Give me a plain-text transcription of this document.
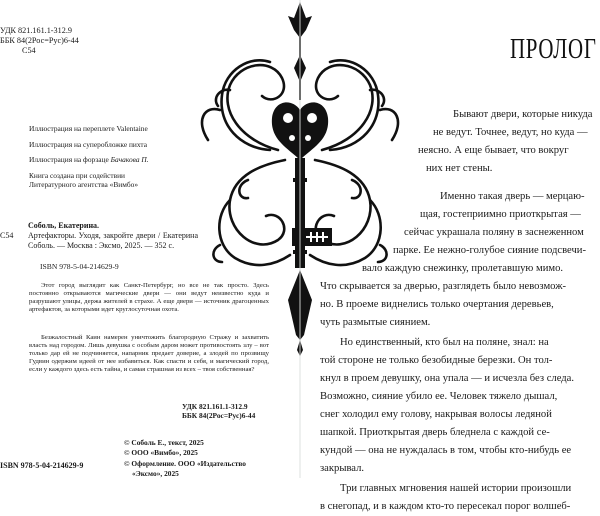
УДК 821.161.1-312.9
ББК 84(2Рос=Рус)6-44
С54
Иллюстрация на переплете Valentaine
Иллюстрация на суперобложке пихта
Иллюстрация на форзаце Бачакова П.
Книга создана при содействии
Литературного агентства «Вимбо»
Соболь, Екатерина.
С54	Артефакторы. Уходя, закройте двери / Екатерина Соболь. — Москва : Эксмо, 2025. — 352 с.
ISBN 978-5-04-214629-9

Этот город выглядит как Санкт-Петербург, но все не так просто. Здесь постоянно открываются магические двери — они ведут неизвестно куда и разрушают улицы, держа жителей в страхе. А еще двери — источник драгоценных артефактов, за которыми идет круглосуточная охота.

Безжалостный Каин намерен уничтожить благородную Стражу и захватить власть над городом. Лишь девушка с особым даром может противостоять злу – вот только дар ей не подчиняется, напарник предает доверие, а злодей по прозвищу Гудвин одержим идеей от нее избавиться. Как спасти и себя, и магический город, если у каждого здесь есть тайна, и самая страшная из всех – твоя собственная?

УДК 821.161.1-312.9
ББК 84(2Рос=Рус)6-44
© Соболь Е., текст, 2025
© ООО «Вимбо», 2025
© Оформление. ООО «Издательство
«Эксмо», 2025
ISBN 978-5-04-214629-9
ПРОЛОГ
Бывают двери, которые никуда
не ведут. Точнее, ведут, но куда —
неясно. А еще бывает, что вокруг
них нет стены.
Именно такая дверь — мерцаю-
щая, гостеприимно приоткрытая —
сейчас украшала поляну в заснеженном
парке. Ее нежно-голубое сияние подсвечи-
вало каждую снежинку, пролетавшую мимо.
Что скрывается за дверью, разглядеть было невозмож-
но. В проеме виднелись только очертания деревьев,
чуть размытые сиянием.
Но единственный, кто был на поляне, знал: на
той стороне не только безобидные березки. Он тол-
кнул в проем девушку, она упала — и исчезла без следа.
Возможно, сияние убило ее. Человек тяжело дышал,
снег холодил ему голову, накрывая волосы ледяной
шапкой. Приоткрытая дверь бледнела с каждой се-
кундой — она не нуждалась в том, чтобы кто-нибудь ее
закрывал.
Три главных мгновения нашей истории произошли
в снегопад, и в каждом кто-то пересекал порог волшеб-
